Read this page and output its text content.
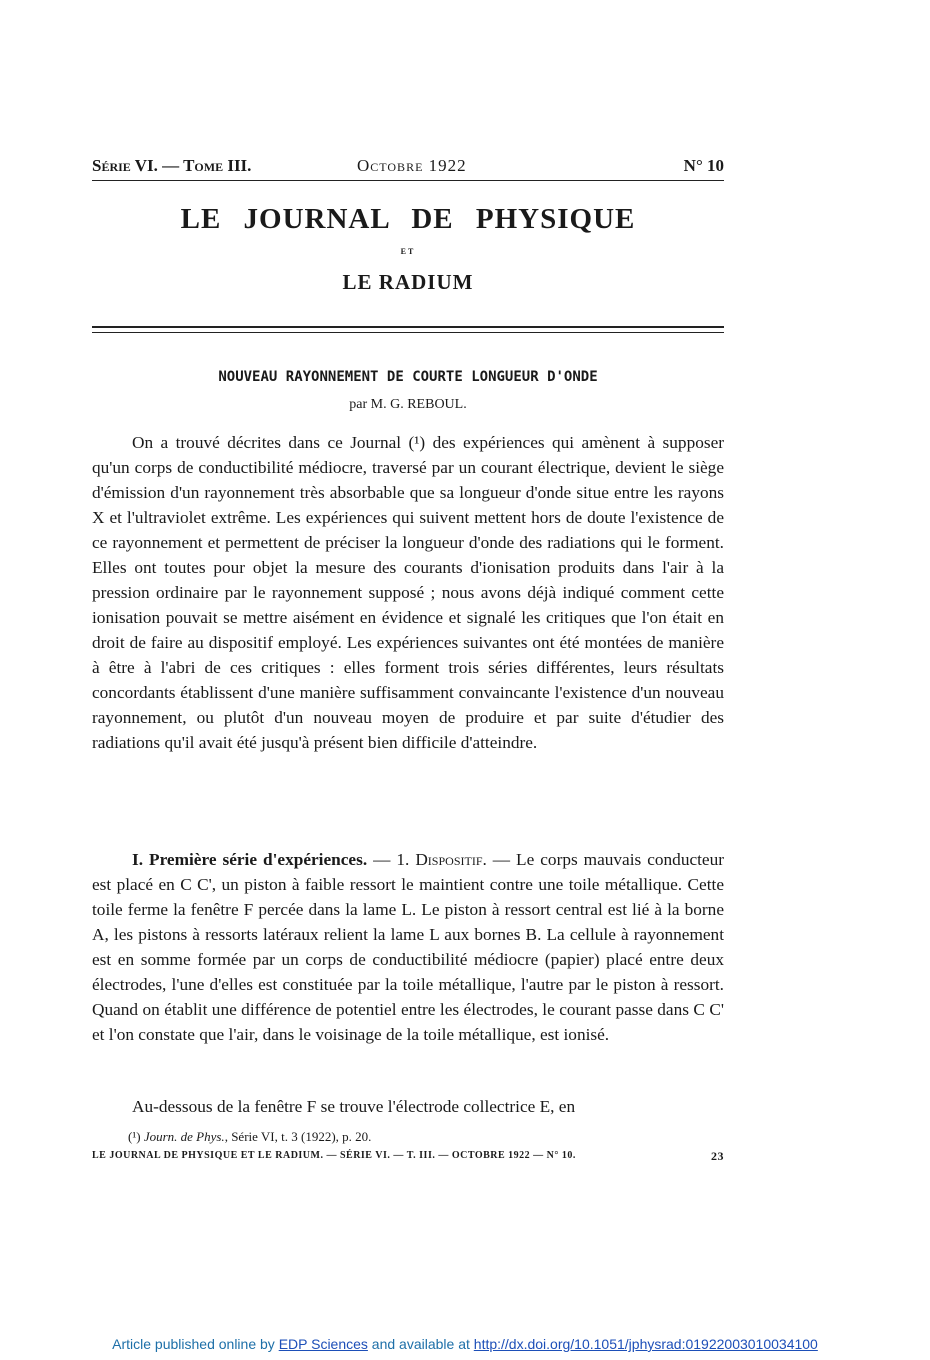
Série VI. — Tome III.	Octobre 1922	N° 10
LE JOURNAL DE PHYSIQUE
ET
LE RADIUM
NOUVEAU RAYONNEMENT DE COURTE LONGUEUR D'ONDE
par M. G. REBOUL.

On a trouvé décrites dans ce Journal (¹) des expériences qui amènent à supposer qu'un corps de conductibilité médiocre, traversé par un courant électrique, devient le siège d'émission d'un rayonnement très absorbable que sa longueur d'onde situe entre les rayons X et l'ultraviolet extrême. Les expériences qui suivent mettent hors de doute l'existence de ce rayonnement et permettent de préciser la longueur d'onde des radiations qui le forment. Elles ont toutes pour objet la mesure des courants d'ionisation produits dans l'air à la pression ordinaire par le rayonnement supposé ; nous avons déjà indiqué comment cette ionisation pouvait se mettre aisément en évidence et signalé les critiques que l'on était en droit de faire au dispositif employé. Les expériences suivantes ont été montées de manière à être à l'abri de ces critiques : elles forment trois séries différentes, leurs résultats concordants établissent d'une manière suffisamment convaincante l'existence d'un nouveau rayonnement, ou plutôt d'un nouveau moyen de produire et par suite d'étudier des radiations qu'il avait été jusqu'à présent bien difficile d'atteindre.

I. Première série d'expériences. — 1. Dispositif. — Le corps mauvais conducteur est placé en C C', un piston à faible ressort le maintient contre une toile métallique. Cette toile ferme la fenêtre F percée dans la lame L. Le piston à ressort central est lié à la borne A, les pistons à ressorts latéraux relient la lame L aux bornes B. La cellule à rayonnement est en somme formée par un corps de conductibilité médiocre (papier) placé entre deux électrodes, l'une d'elles est constituée par la toile métallique, l'autre par le piston à ressort. Quand on établit une différence de potentiel entre les électrodes, le courant passe dans C C' et l'on constate que l'air, dans le voisinage de la toile métallique, est ionisé.

Au-dessous de la fenêtre F se trouve l'électrode collectrice E, en

(¹) Journ. de Phys., Série VI, t. 3 (1922), p. 20.
LE JOURNAL DE PHYSIQUE ET LE RADIUM. — SÉRIE VI. — T. III. — OCTOBRE 1922 — N° 10.	23
Article published online by EDP Sciences and available at http://dx.doi.org/10.1051/jphysrad:01922003010034100
